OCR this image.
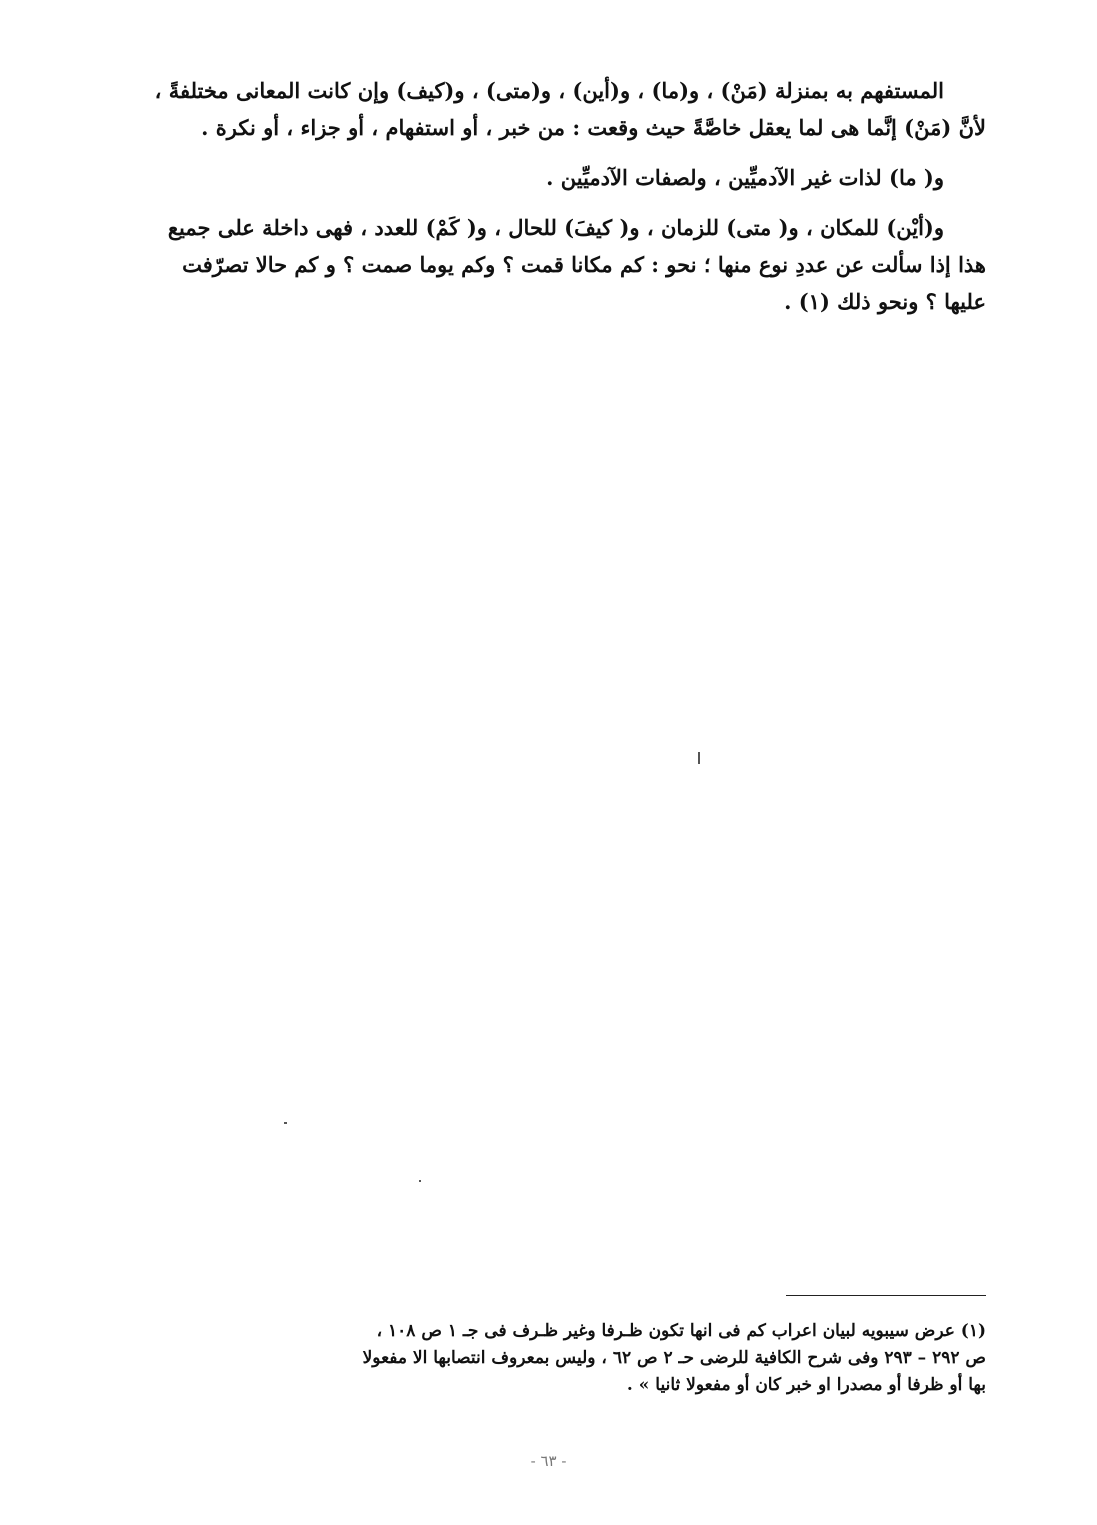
المستفهم به بمنزلة (مَنْ) ، و(ما) ، و(أين) ، و(متى) ، و(كيف) وإن كانت المعانى مختلفةً ،

لأنَّ (مَنْ) إنَّما هى لما يعقل خاصَّةً حيث وقعت : من خبر ، أو استفهام ، أو جزاء ، أو نكرة .

و( ما) لذات غير الآدميِّين ، ولصفات الآدميِّين .

و(أيْن) للمكان ، و( متى) للزمان ، و( كيفَ) للحال ، و( كَمْ) للعدد ، فهى داخلة على جميع

هذا إذا سألت عن عددِ نوع منها ؛ نحو : كم مكانا قمت ؟ وكم يوما صمت ؟ و كم حالا تصرّفت

عليها ؟ ونحو ذلك (١) .

(١) عرض سيبويه لبيان اعراب كم فى انها تكون ظـرفا وغير ظـرف فى جـ ١ ص ١٠٨ ،

ص ٢٩٢ – ٢٩٣ وفى شرح الكافية للرضى حـ ٢ ص ٦٢ ، وليس بمعروف انتصابها الا مفعولا

بها أو ظرفا أو مصدرا او خبر كان أو مفعولا ثانيا » .

- ٦٣ -
